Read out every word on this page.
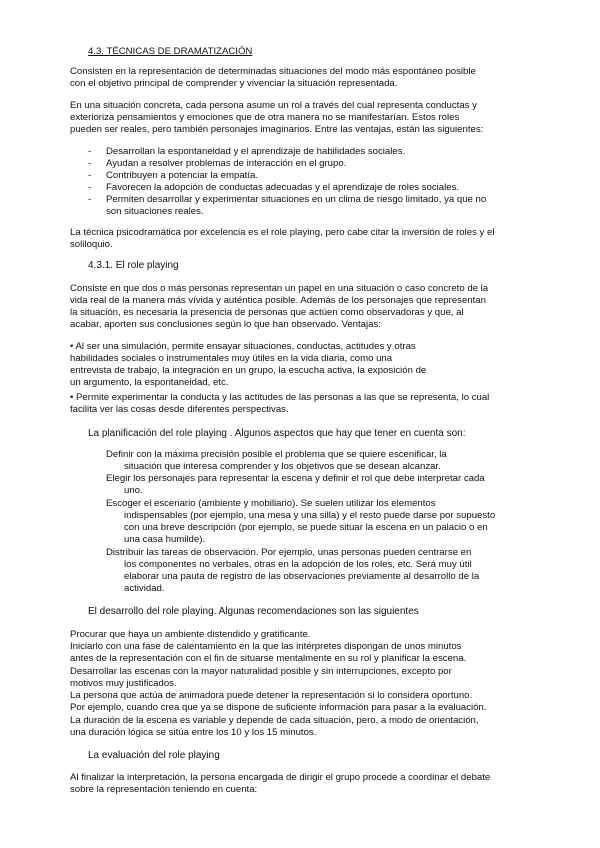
4.3. TÉCNICAS DE DRAMATIZACIÓN
Consisten en la representación de determinadas situaciones del modo más espontáneo posible
con el objetivo principal de comprender y vivenciar la situación representada.
En una situación concreta, cada persona asume un rol a través del cual representa conductas y
exterioriza pensamientos y emociones que de otra manera no se manifestarían. Estos roles
pueden ser reales, pero también personajes imaginarios. Entre las ventajas, están las siguientes:
- Desarrollan la espontaneidad y el aprendizaje de habilidades sociales.
- Ayudan a resolver problemas de interacción en el grupo.
- Contribuyen a potenciar la empatía.
- Favorecen la adopción de conductas adecuadas y el aprendizaje de roles sociales.
- Permiten desarrollar y experimentar situaciones en un clima de riesgo limitado, ya que no
son situaciones reales.
La técnica psicodramática por excelencia es el role playing, pero cabe citar la inversión de roles y el
soliloquio.
4.3.1. El role playing
Consiste en que dos o más personas representan un papel en una situación o caso concreto de la
vida real de la manera más vívida y auténtica posible. Además de los personajes que representan
la situación, es necesaria la presencia de personas que actúen como observadoras y que, al
acabar, aporten sus conclusiones según lo que han observado. Ventajas:
• Al ser una simulación, permite ensayar situaciones, conductas, actitudes y otras
habilidades sociales o instrumentales muy útiles en la vida diaria, como una
entrevista de trabajo, la integración en un grupo, la escucha activa, la exposición de
un argumento, la espontaneidad, etc.
• Permite experimentar la conducta y las actitudes de las personas a las que se representa, lo cual
facilita ver las cosas desde diferentes perspectivas.
La planificación del role playing . Algunos aspectos que hay que tener en cuenta son:
Definir con la máxima precisión posible el problema que se quiere escenificar, la
situación que interesa comprender y los objetivos que se desean alcanzar.
Elegir los personajes para representar la escena y definir el rol que debe interpretar cada
uno.
Escoger el escenario (ambiente y mobiliario). Se suelen utilizar los elementos
indispensables (por ejemplo, una mesa y una silla) y el resto puede darse por supuesto
con una breve descripción (por ejemplo, se puede situar la escena en un palacio o en
una casa humilde).
Distribuir las tareas de observación. Por ejemplo, unas personas pueden centrarse en
los componentes no verbales, otras en la adopción de los roles, etc. Será muy útil
elaborar una pauta de registro de las observaciones previamente al desarrollo de la
actividad.
El desarrollo del role playing. Algunas recomendaciones son las siguientes
Procurar que haya un ambiente distendido y gratificante.
Iniciarlo con una fase de calentamiento en la que las intérpretes dispongan de unos minutos
antes de la representación con el fin de situarse mentalmente en su rol y planificar la escena.
Desarrollar las escenas con la mayor naturalidad posible y sin interrupciones, excepto por
motivos muy justificados.
La persona que actúa de animadora puede detener la representación si lo considera oportuno.
Por ejemplo, cuando crea que ya se dispone de suficiente información para pasar a la evaluación.
La duración de la escena es variable y depende de cada situación, pero, a modo de orientación,
una duración lógica se sitúa entre los 10 y los 15 minutos.
La evaluación del role playing
Al finalizar la interpretación, la persona encargada de dirigir el grupo procede a coordinar el debate
sobre la representación teniendo en cuenta:
